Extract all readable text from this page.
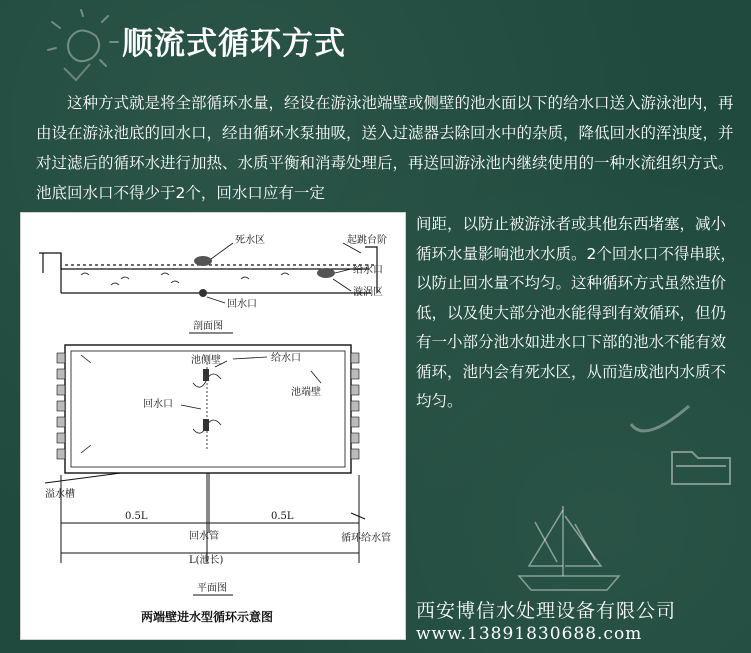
顺流式循环方式

这种方式就是将全部循环水量，经设在游泳池端壁或侧壁的池水面以下的给水口送入游泳池内，再由设在游泳池底的回水口，经由循环水泵抽吸，送入过滤器去除回水中的杂质，降低回水的浑浊度，并对过滤后的循环水进行加热、水质平衡和消毒处理后，再送回游泳池内继续使用的一种水流组织方式。池底回水口不得少于2个，回水口应有一定

间距，以防止被游泳者或其他东西堵塞，减小循环水量影响池水水质。2个回水口不得串联，以防止回水量不均匀。这种循环方式虽然造价低，以及使大部分池水能得到有效循环，但仍有一小部分池水如进水口下部的池水不能有效循环，池内会有死水区，从而造成池内水质不均匀。

死水区	起跳台阶
给水口
漩涡区
回水口
剖面图
池侧壁	给水口
池端壁
回水口
溢水槽
0.5L	0.5L
回水管	循环给水管
L(池长)
平面图
两端壁进水型循环示意图	西安博信水处理设备有限公司
www.13891830688.com
